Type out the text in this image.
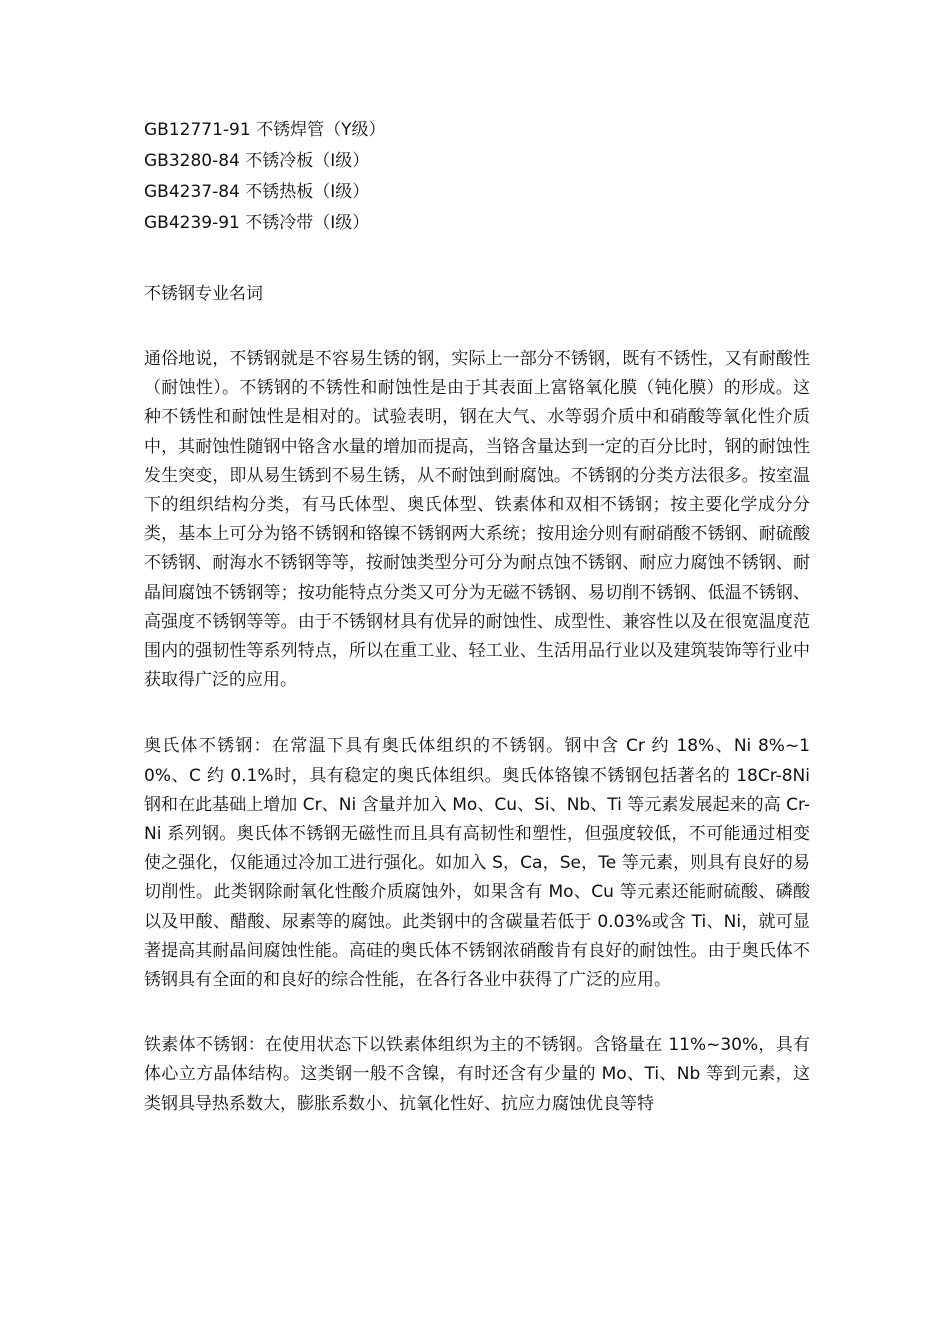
GB12771-91 不锈焊管（Y级）
GB3280-84 不锈冷板（I级）
GB4237-84 不锈热板（I级）
GB4239-91 不锈冷带（I级）
不锈钢专业名词

通俗地说，不锈钢就是不容易生锈的钢，实际上一部分不锈钢，既有不锈性，又有耐酸性（耐蚀性）。不锈钢的不锈性和耐蚀性是由于其表面上富铬氧化膜（钝化膜）的形成。这种不锈性和耐蚀性是相对的。试验表明，钢在大气、水等弱介质中和硝酸等氧化性介质中，其耐蚀性随钢中铬含水量的增加而提高，当铬含量达到一定的百分比时，钢的耐蚀性发生突变，即从易生锈到不易生锈，从不耐蚀到耐腐蚀。不锈钢的分类方法很多。按室温下的组织结构分类，有马氏体型、奥氏体型、铁素体和双相不锈钢；按主要化学成分分类，基本上可分为铬不锈钢和铬镍不锈钢两大系统；按用途分则有耐硝酸不锈钢、耐硫酸不锈钢、耐海水不锈钢等等，按耐蚀类型分可分为耐点蚀不锈钢、耐应力腐蚀不锈钢、耐晶间腐蚀不锈钢等；按功能特点分类又可分为无磁不锈钢、易切削不锈钢、低温不锈钢、高强度不锈钢等等。由于不锈钢材具有优异的耐蚀性、成型性、兼容性以及在很宽温度范围内的强韧性等系列特点，所以在重工业、轻工业、生活用品行业以及建筑装饰等行业中获取得广泛的应用。

奥氏体不锈钢：在常温下具有奥氏体组织的不锈钢。钢中含 Cr 约 18%、Ni 8%~10%、C 约 0.1%时，具有稳定的奥氏体组织。奥氏体铬镍不锈钢包括著名的 18Cr-8Ni 钢和在此基础上增加 Cr、Ni 含量并加入 Mo、Cu、Si、Nb、Ti 等元素发展起来的高 Cr-Ni 系列钢。奥氏体不锈钢无磁性而且具有高韧性和塑性，但强度较低，不可能通过相变使之强化，仅能通过冷加工进行强化。如加入 S，Ca，Se，Te 等元素，则具有良好的易切削性。此类钢除耐氧化性酸介质腐蚀外，如果含有 Mo、Cu 等元素还能耐硫酸、磷酸以及甲酸、醋酸、尿素等的腐蚀。此类钢中的含碳量若低于 0.03%或含 Ti、Ni，就可显著提高其耐晶间腐蚀性能。高硅的奥氏体不锈钢浓硝酸肯有良好的耐蚀性。由于奥氏体不锈钢具有全面的和良好的综合性能，在各行各业中获得了广泛的应用。

铁素体不锈钢：在使用状态下以铁素体组织为主的不锈钢。含铬量在 11%~30%，具有体心立方晶体结构。这类钢一般不含镍，有时还含有少量的 Mo、Ti、Nb 等到元素，这类钢具导热系数大，膨胀系数小、抗氧化性好、抗应力腐蚀优良等特
